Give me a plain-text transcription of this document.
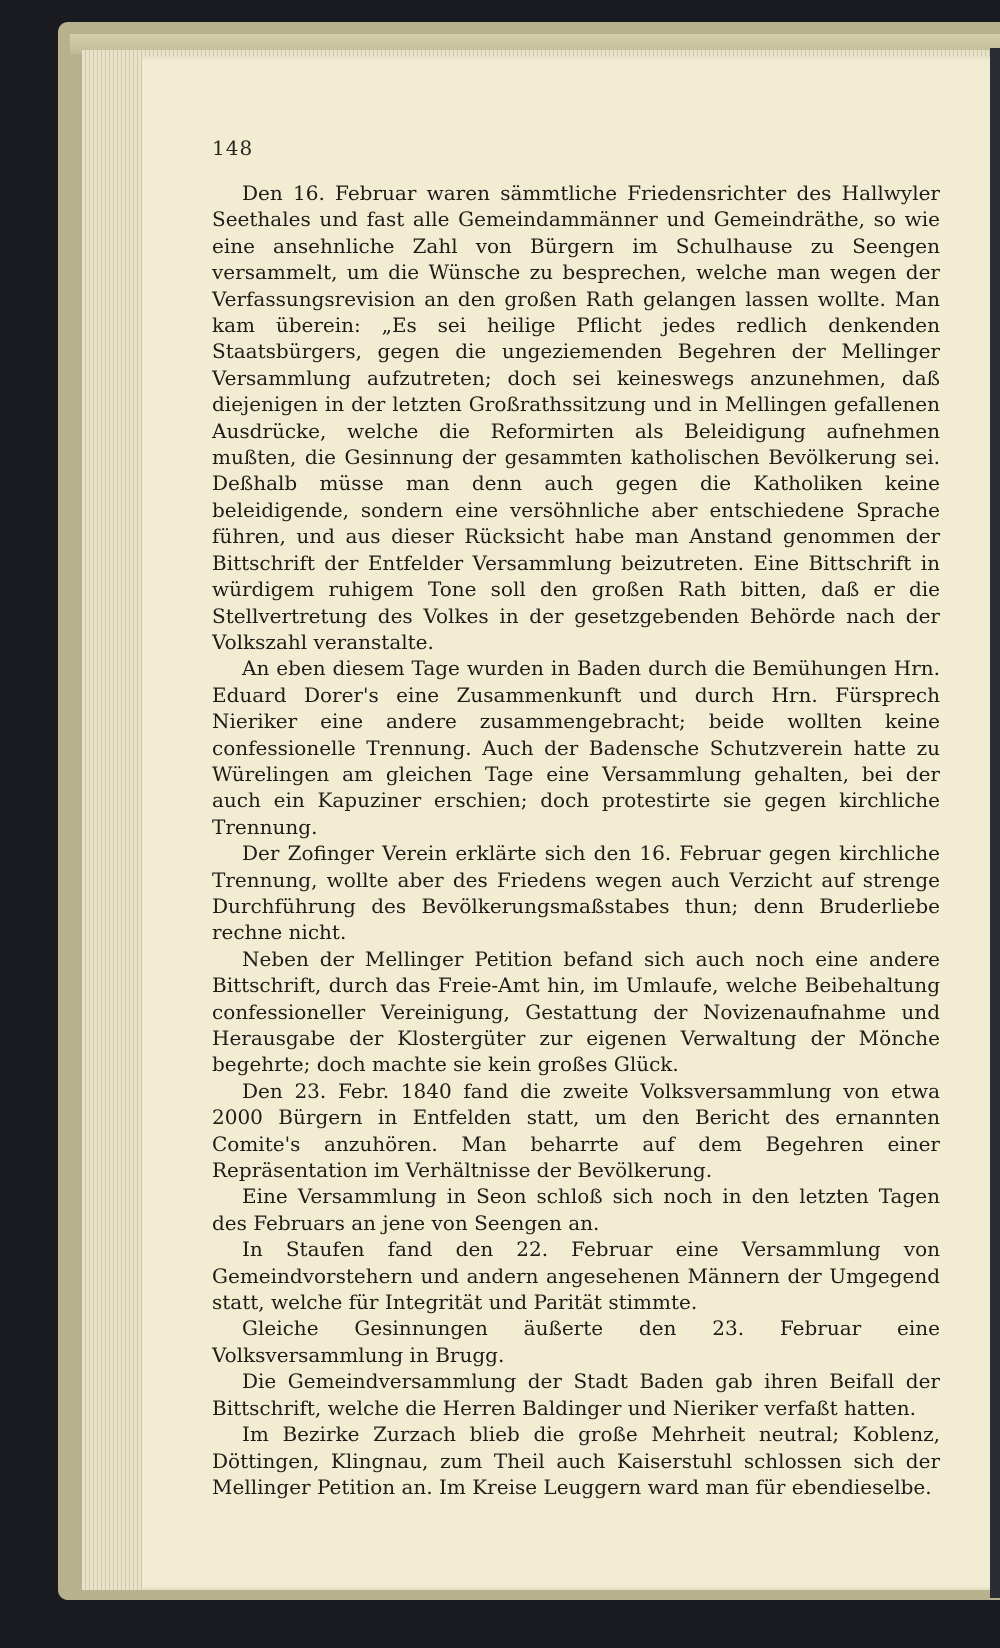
148

Den 16. Februar waren sämmtliche Friedensrichter des Hallwyler Seethales und fast alle Gemeindammänner und Gemeindräthe, so wie eine ansehnliche Zahl von Bürgern im Schulhause zu Seengen versammelt, um die Wünsche zu besprechen, welche man wegen der Verfassungsrevision an den großen Rath gelangen lassen wollte. Man kam überein: „Es sei heilige Pflicht jedes redlich denkenden Staatsbürgers, gegen die ungeziemenden Begehren der Mellinger Versammlung aufzutreten; doch sei keineswegs anzunehmen, daß diejenigen in der letzten Großrathssitzung und in Mellingen gefallenen Ausdrücke, welche die Reformirten als Beleidigung aufnehmen mußten, die Gesinnung der gesammten katholischen Bevölkerung sei. Deßhalb müsse man denn auch gegen die Katholiken keine beleidigende, sondern eine versöhnliche aber entschiedene Sprache führen, und aus dieser Rücksicht habe man Anstand genommen der Bittschrift der Entfelder Versammlung beizutreten. Eine Bittschrift in würdigem ruhigem Tone soll den großen Rath bitten, daß er die Stellvertretung des Volkes in der gesetzgebenden Behörde nach der Volkszahl veranstalte.

An eben diesem Tage wurden in Baden durch die Bemühungen Hrn. Eduard Dorer's eine Zusammenkunft und durch Hrn. Fürsprech Nieriker eine andere zusammengebracht; beide wollten keine confessionelle Trennung. Auch der Badensche Schutzverein hatte zu Würelingen am gleichen Tage eine Versammlung gehalten, bei der auch ein Kapuziner erschien; doch protestirte sie gegen kirchliche Trennung.

Der Zofinger Verein erklärte sich den 16. Februar gegen kirchliche Trennung, wollte aber des Friedens wegen auch Verzicht auf strenge Durchführung des Bevölkerungsmaßstabes thun; denn Bruderliebe rechne nicht.

Neben der Mellinger Petition befand sich auch noch eine andere Bittschrift, durch das Freie-Amt hin, im Umlaufe, welche Beibehaltung confessioneller Vereinigung, Gestattung der Novizenaufnahme und Herausgabe der Klostergüter zur eigenen Verwaltung der Mönche begehrte; doch machte sie kein großes Glück.

Den 23. Febr. 1840 fand die zweite Volksversammlung von etwa 2000 Bürgern in Entfelden statt, um den Bericht des ernannten Comite's anzuhören. Man beharrte auf dem Begehren einer Repräsentation im Verhältnisse der Bevölkerung.

Eine Versammlung in Seon schloß sich noch in den letzten Tagen des Februars an jene von Seengen an.

In Staufen fand den 22. Februar eine Versammlung von Gemeindvorstehern und andern angesehenen Männern der Umgegend statt, welche für Integrität und Parität stimmte.

Gleiche Gesinnungen äußerte den 23. Februar eine Volksversammlung in Brugg.

Die Gemeindversammlung der Stadt Baden gab ihren Beifall der Bittschrift, welche die Herren Baldinger und Nieriker verfaßt hatten.

Im Bezirke Zurzach blieb die große Mehrheit neutral; Koblenz, Döttingen, Klingnau, zum Theil auch Kaiserstuhl schlossen sich der Mellinger Petition an. Im Kreise Leuggern ward man für ebendieselbe.
